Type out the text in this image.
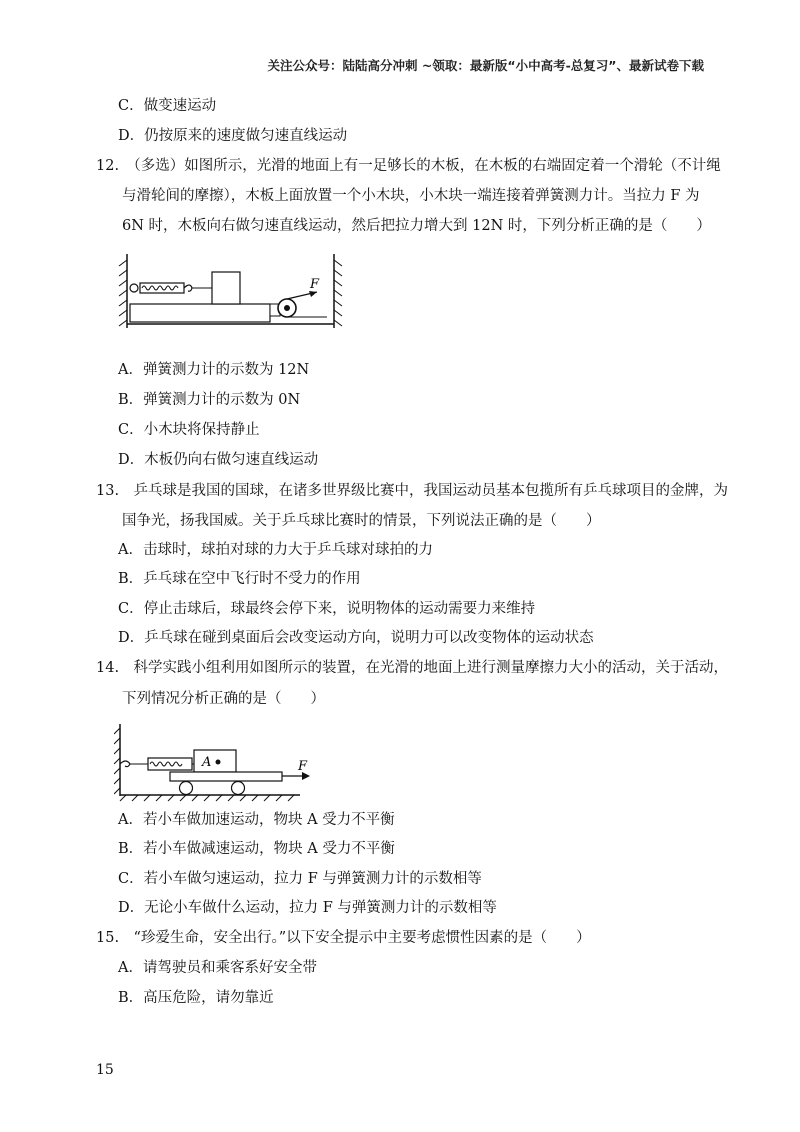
关注公众号：陆陆高分冲刺 ~领取：最新版“小中高考-总复习”、最新试卷下载
C．做变速运动
D．仍按原来的速度做匀速直线运动
12.　（多选）如图所示，光滑的地面上有一足够长的木板，在木板的右端固定着一个滑轮（不计绳
与滑轮间的摩擦），木板上面放置一个小木块，小木块一端连接着弹簧测力计。当拉力 F 为
6N 时，木板向右做匀速直线运动，然后把拉力增大到 12N 时，下列分析正确的是（　　）
F
A．弹簧测力计的示数为 12N
B．弹簧测力计的示数为 0N
C．小木块将保持静止
D．木板仍向右做匀速直线运动
13.　乒乓球是我国的国球，在诸多世界级比赛中，我国运动员基本包揽所有乒乓球项目的金牌，为
国争光，扬我国威。关于乒乓球比赛时的情景，下列说法正确的是（　　）
A．击球时，球拍对球的力大于乒乓球对球拍的力
B．乒乓球在空中飞行时不受力的作用
C．停止击球后，球最终会停下来，说明物体的运动需要力来维持
D．乒乓球在碰到桌面后会改变运动方向，说明力可以改变物体的运动状态
14.　科学实践小组利用如图所示的装置，在光滑的地面上进行测量摩擦力大小的活动，关于活动，
下列情况分析正确的是（　　）
A	F
A．若小车做加速运动，物块 A 受力不平衡
B．若小车做减速运动，物块 A 受力不平衡
C．若小车做匀速运动，拉力 F 与弹簧测力计的示数相等
D．无论小车做什么运动，拉力 F 与弹簧测力计的示数相等
15.　“珍爱生命，安全出行。”以下安全提示中主要考虑惯性因素的是（　　）
A．请驾驶员和乘客系好安全带
B．高压危险，请勿靠近
15
